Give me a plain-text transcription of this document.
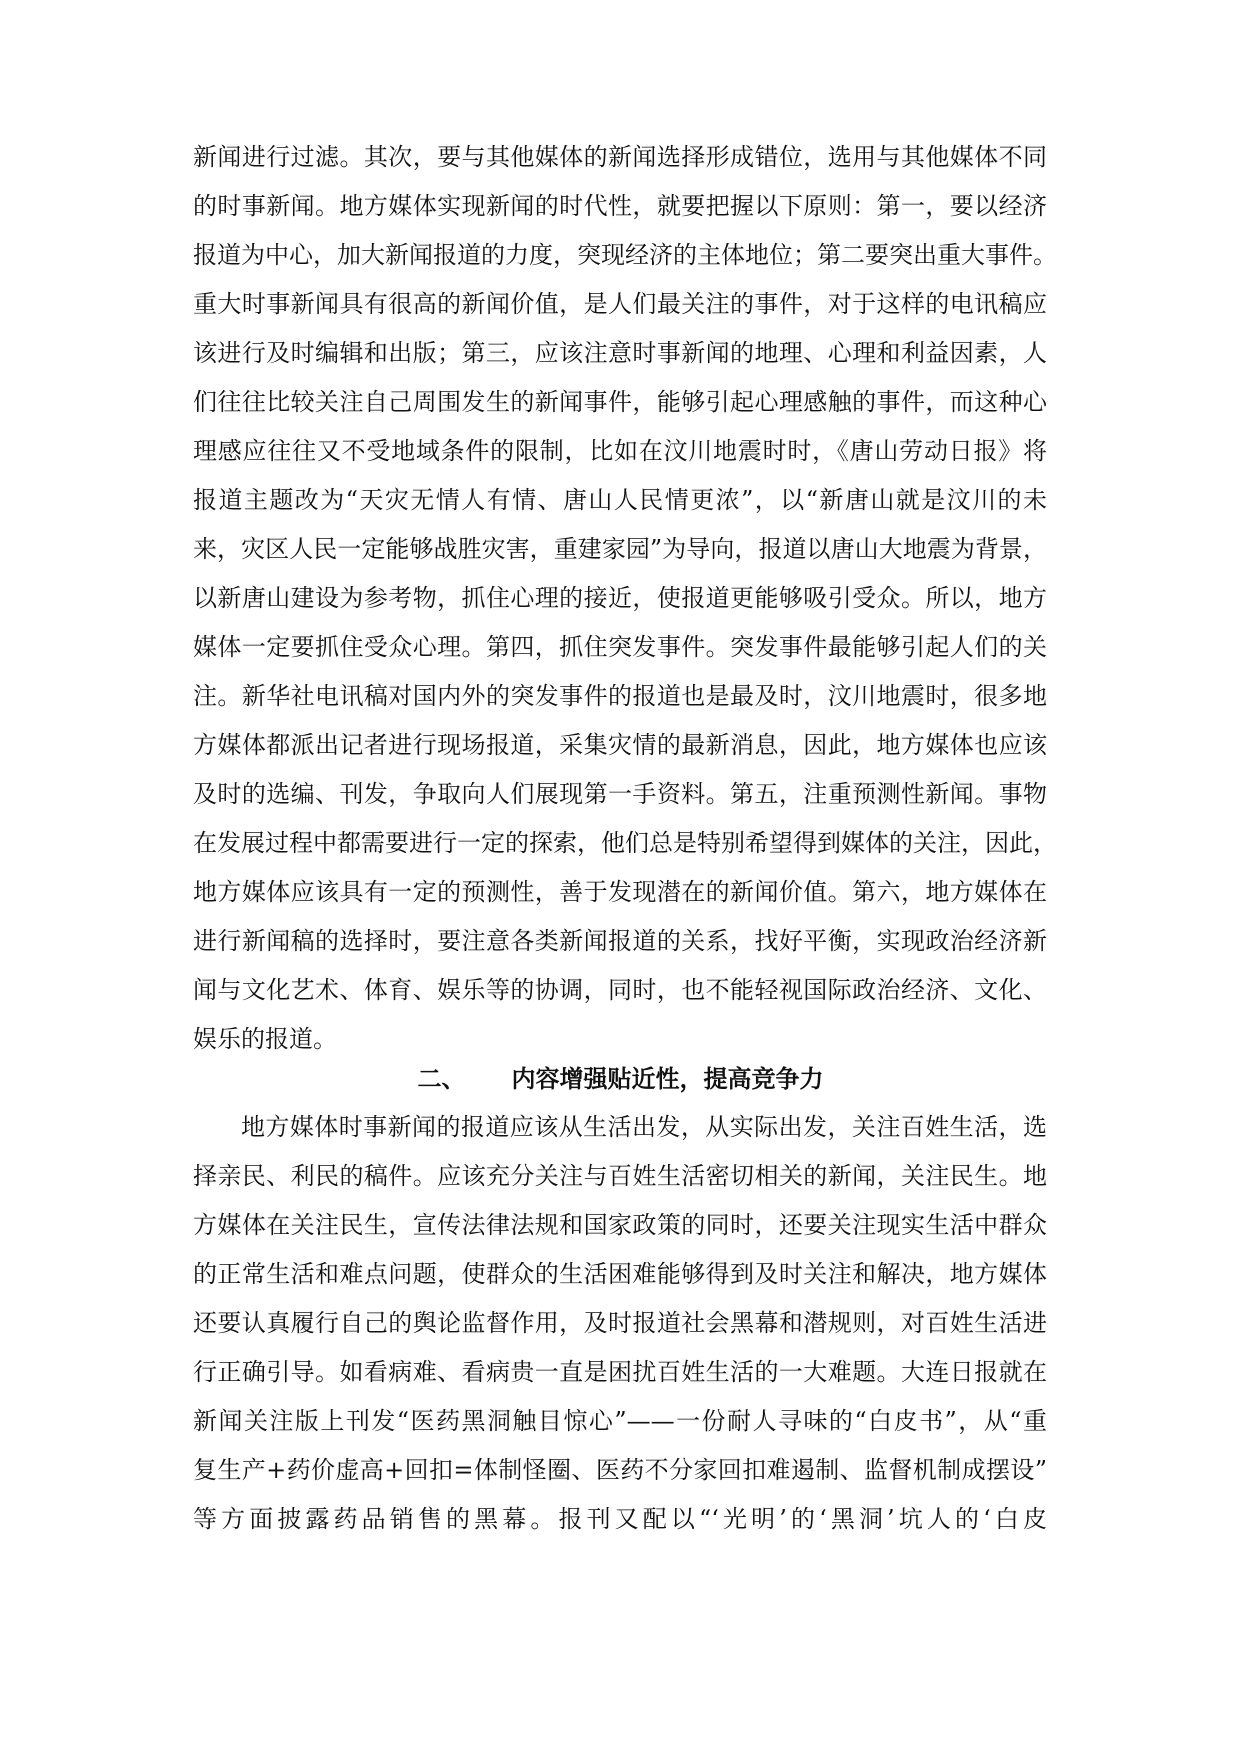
新闻进行过滤。其次，要与其他媒体的新闻选择形成错位，选用与其他媒体不同
的时事新闻。地方媒体实现新闻的时代性，就要把握以下原则：第一，要以经济
报道为中心，加大新闻报道的力度，突现经济的主体地位；第二要突出重大事件。
重大时事新闻具有很高的新闻价值，是人们最关注的事件，对于这样的电讯稿应
该进行及时编辑和出版；第三，应该注意时事新闻的地理、心理和利益因素，人
们往往比较关注自己周围发生的新闻事件，能够引起心理感触的事件，而这种心
理感应往往又不受地域条件的限制，比如在汶川地震时时，《唐山劳动日报》将
报道主题改为“天灾无情人有情、唐山人民情更浓”，以“新唐山就是汶川的未
来，灾区人民一定能够战胜灾害，重建家园”为导向，报道以唐山大地震为背景，
以新唐山建设为参考物，抓住心理的接近，使报道更能够吸引受众。所以，地方
媒体一定要抓住受众心理。第四，抓住突发事件。突发事件最能够引起人们的关
注。新华社电讯稿对国内外的突发事件的报道也是最及时，汶川地震时，很多地
方媒体都派出记者进行现场报道，采集灾情的最新消息，因此，地方媒体也应该
及时的选编、刊发，争取向人们展现第一手资料。第五，注重预测性新闻。事物
在发展过程中都需要进行一定的探索，他们总是特别希望得到媒体的关注，因此，
地方媒体应该具有一定的预测性，善于发现潜在的新闻价值。第六，地方媒体在
进行新闻稿的选择时，要注意各类新闻报道的关系，找好平衡，实现政治经济新
闻与文化艺术、体育、娱乐等的协调，同时，也不能轻视国际政治经济、文化、
娱乐的报道。
二、 内容增强贴近性，提高竞争力
地方媒体时事新闻的报道应该从生活出发，从实际出发，关注百姓生活，选
择亲民、利民的稿件。应该充分关注与百姓生活密切相关的新闻，关注民生。地
方媒体在关注民生，宣传法律法规和国家政策的同时，还要关注现实生活中群众
的正常生活和难点问题，使群众的生活困难能够得到及时关注和解决，地方媒体
还要认真履行自己的舆论监督作用，及时报道社会黑幕和潜规则，对百姓生活进
行正确引导。如看病难、看病贵一直是困扰百姓生活的一大难题。大连日报就在
新闻关注版上刊发“医药黑洞触目惊心”——一份耐人寻味的“白皮书”，从“重
复生产+药价虚高+回扣=体制怪圈、医药不分家回扣难遏制、监督机制成摆设”
等方面披露药品销售的黑幕。报刊又配以“‘光明’的‘黑洞’坑人的‘白皮
